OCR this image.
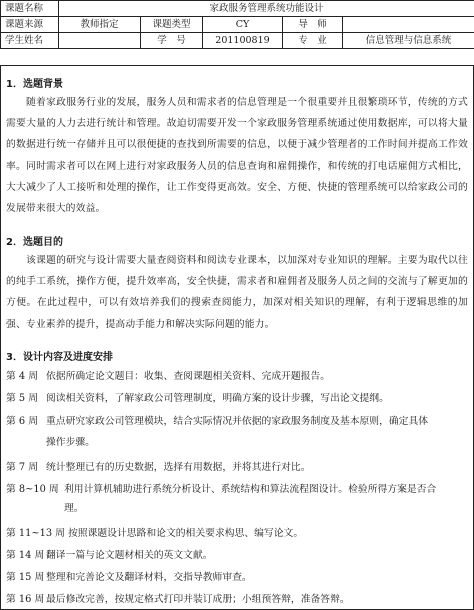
课题名称	家政服务管理系统功能设计				
课题来源	教师指定	课题类型	CY	导　师	
学生姓名		学　号	201100819	专　业	信息管理与信息系统
1．选题背景
随着家政服务行业的发展，服务人员和需求者的信息管理是一个很重要并且很繁琐环节，传统的方式需要大量的人力去进行统计和管理。故迫切需要开发一个家政服务管理系统通过使用数据库，可以将大量的数据进行统一存储并且可以很便捷的查找到所需要的信息，以便于减少管理者的工作时间并提高工作效率。同时需求者可以在网上进行对家政服务人员的信息查询和雇佣操作，和传统的打电话雇佣方式相比，大大减少了人工接听和处理的操作，让工作变得更高效。安全、方便、快捷的管理系统可以给家政公司的发展带来很大的效益。
2．选题目的
该课题的研究与设计需要大量查阅资料和阅读专业课本，以加深对专业知识的理解。主要为取代以往的纯手工系统，操作方便，提升效率高，安全快捷，需求者和雇佣者及服务人员之间的交流与了解更加的方便。在此过程中，可以有效培养我们的搜索查阅能力，加深对相关知识的理解，有利于逻辑思维的加强、专业素养的提升，提高动手能力和解决实际问题的能力。
3．设计内容及进度安排
第 4 周 依据所确定论文题目：收集、查阅课题相关资料、完成开题报告。
第 5 周 阅读相关资料，了解家政公司管理制度，明确方案的设计步骤，写出论文提纲。
第 6 周 重点研究家政公司管理模块，结合实际情况并依据的家政服务制度及基本原则，确定具体
操作步骤。
第 7 周 统计整理已有的历史数据，选择有用数据，并将其进行对比。
第 8~10 周 利用计算机辅助进行系统分析设计、系统结构和算法流程图设计。检验所得方案是否合
理。
第 11~13 周 按照课题设计思路和论文的相关要求构思、编写论文。
第 14 周 翻译一篇与论文题材相关的英文文献。
第 15 周 整理和完善论文及翻译材料，交指导教师审查。
第 16 周 最后修改完善，按规定格式打印并装订成册；小组预答辩，准备答辩。
